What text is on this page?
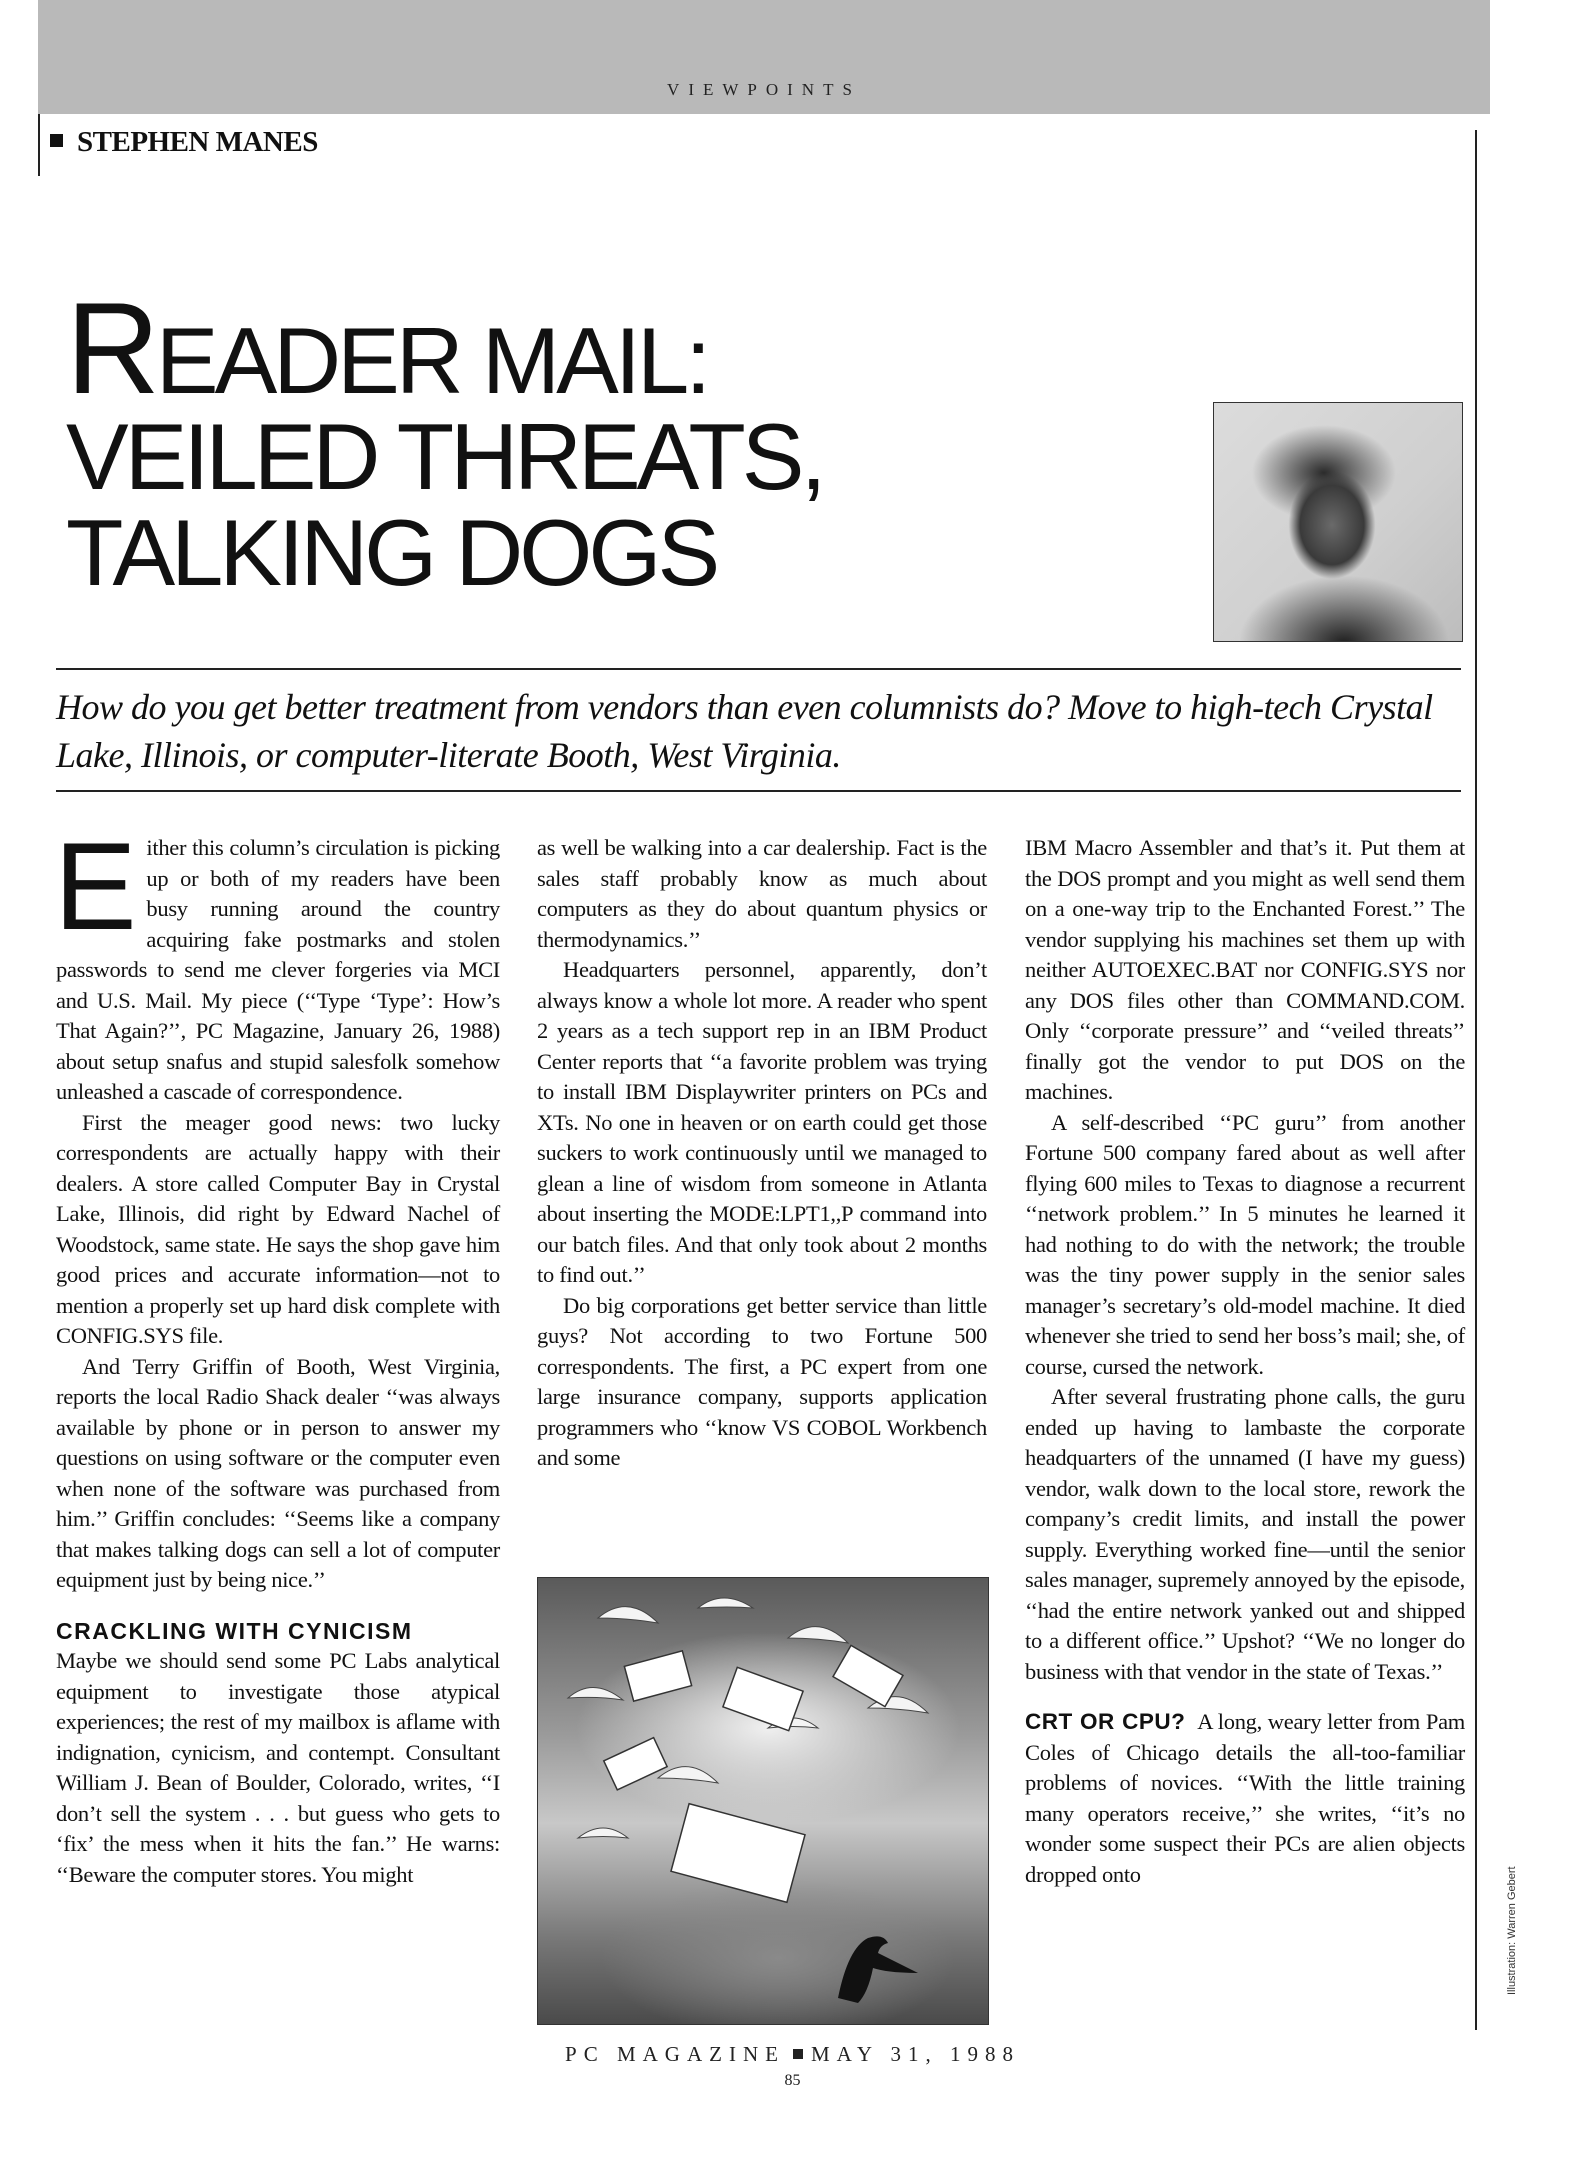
VIEWPOINTS
STEPHEN MANES
READER MAIL:
VEILED THREATS,
TALKING DOGS
How do you get better treatment from vendors than even columnists do? Move to high-tech Crystal Lake, Illinois, or computer-literate Booth, West Virginia.

Either this column’s circulation is picking up or both of my readers have been busy running around the country acquiring fake postmarks and stolen passwords to send me clever forgeries via MCI and U.S. Mail. My piece (‘‘Type ‘Type’: How’s That Again?’’, PC Magazine, January 26, 1988) about setup snafus and stupid salesfolk somehow unleashed a cascade of correspondence.

First the meager good news: two lucky correspondents are actually happy with their dealers. A store called Computer Bay in Crystal Lake, Illinois, did right by Edward Nachel of Woodstock, same state. He says the shop gave him good prices and accurate information—not to mention a properly set up hard disk complete with CONFIG.SYS file.

And Terry Griffin of Booth, West Virginia, reports the local Radio Shack dealer ‘‘was always available by phone or in person to answer my questions on using software or the computer even when none of the software was purchased from him.’’ Griffin concludes: ‘‘Seems like a company that makes talking dogs can sell a lot of computer equipment just by being nice.’’

CRACKLING WITH CYNICISM

Maybe we should send some PC Labs analytical equipment to investigate those atypical experiences; the rest of my mailbox is aflame with indignation, cynicism, and contempt. Consultant William J. Bean of Boulder, Colorado, writes, ‘‘I don’t sell the system . . . but guess who gets to ‘fix’ the mess when it hits the fan.’’ He warns: ‘‘Beware the computer stores. You might

as well be walking into a car dealership. Fact is the sales staff probably know as much about computers as they do about quantum physics or thermodynamics.’’

Headquarters personnel, apparently, don’t always know a whole lot more. A reader who spent 2 years as a tech support rep in an IBM Product Center reports that ‘‘a favorite problem was trying to install IBM Displaywriter printers on PCs and XTs. No one in heaven or on earth could get those suckers to work continuously until we managed to glean a line of wisdom from someone in Atlanta about inserting the MODE:LPT1,,P command into our batch files. And that only took about 2 months to find out.’’

Do big corporations get better service than little guys? Not according to two Fortune 500 correspondents. The first, a PC expert from one large insurance company, supports application programmers who ‘‘know VS COBOL Workbench and some

IBM Macro Assembler and that’s it. Put them at the DOS prompt and you might as well send them on a one-way trip to the Enchanted Forest.’’ The vendor supplying his machines set them up with neither AUTOEXEC.BAT nor CONFIG.SYS nor any DOS files other than COMMAND.COM. Only ‘‘corporate pressure’’ and ‘‘veiled threats’’ finally got the vendor to put DOS on the machines.

A self-described ‘‘PC guru’’ from another Fortune 500 company fared about as well after flying 600 miles to Texas to diagnose a recurrent ‘‘network problem.’’ In 5 minutes he learned it had nothing to do with the network; the trouble was the tiny power supply in the senior sales manager’s secretary’s old-model machine. It died whenever she tried to send her boss’s mail; she, of course, cursed the network.

After several frustrating phone calls, the guru ended up having to lambaste the corporate headquarters of the unnamed (I have my guess) vendor, walk down to the local store, rework the company’s credit limits, and install the power supply. Everything worked fine—until the senior sales manager, supremely annoyed by the episode, ‘‘had the entire network yanked out and shipped to a different office.’’ Upshot? ‘‘We no longer do business with that vendor in the state of Texas.’’

CRT OR CPU? A long, weary letter from Pam Coles of Chicago details the all-too-familiar problems of novices. ‘‘With the little training many operators receive,’’ she writes, ‘‘it’s no wonder some suspect their PCs are alien objects dropped onto	Illustration: Warren Gebert
PC MAGAZINE MAY 31, 1988
85
